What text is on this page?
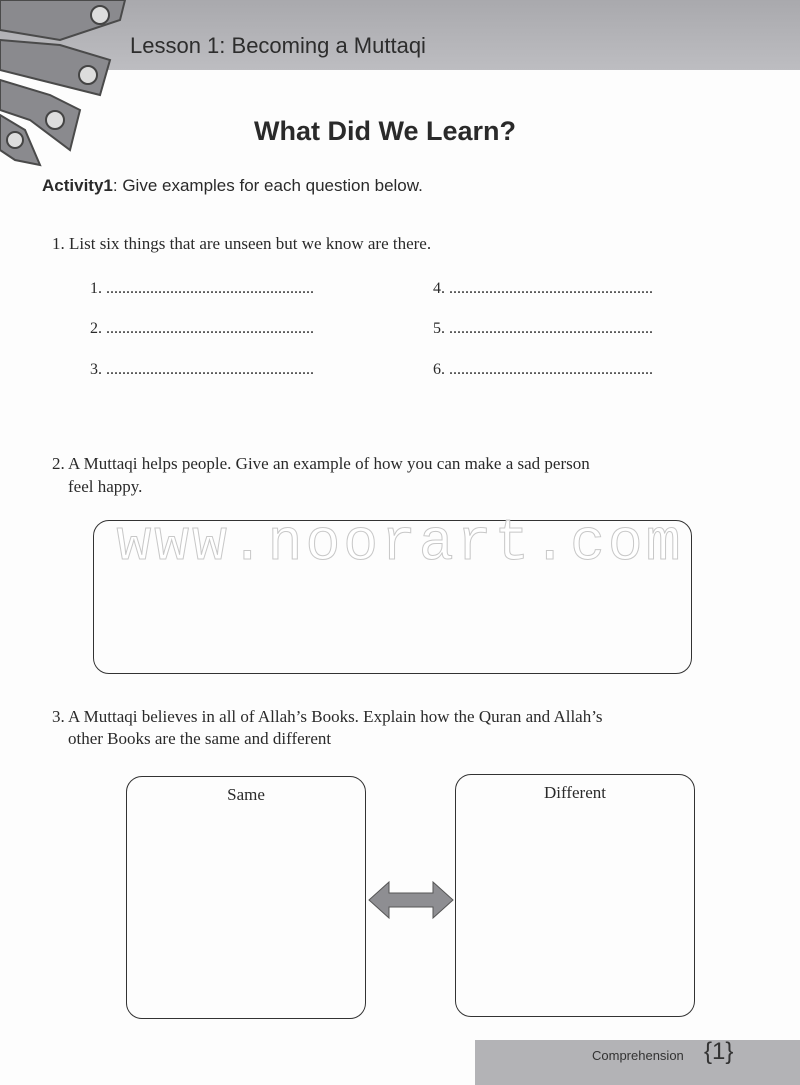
Lesson 1: Becoming a Muttaqi
What Did We Learn?
Activity1: Give examples for each question below.
1. List six things that are unseen but we know are there.
1. ....................................................
2. ....................................................
3. ....................................................
4. ...................................................
5. ...................................................
6. ...................................................
2. A Muttaqi helps people. Give an example of how you can make a sad person
feel happy.
3. A Muttaqi believes in all of Allah’s Books. Explain how the Quran and Allah’s
other Books are the same and different
Same	Different
www.noorart.com
Comprehension {1}
